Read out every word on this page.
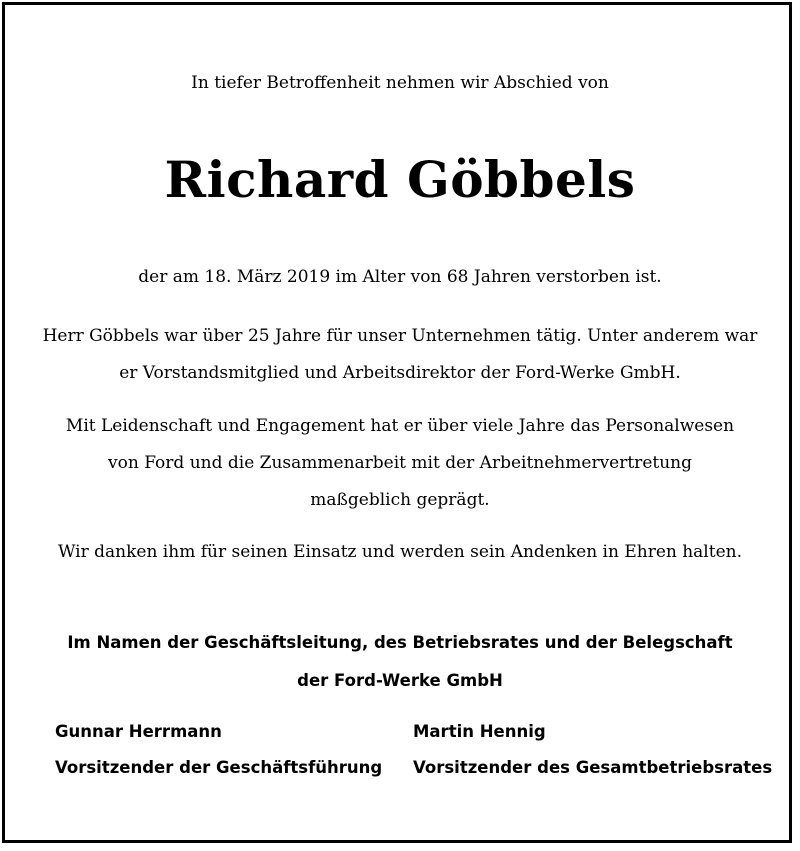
In tiefer Betroffenheit nehmen wir Abschied von
Richard Göbbels
der am 18. März 2019 im Alter von 68 Jahren verstorben ist.
Herr Göbbels war über 25 Jahre für unser Unternehmen tätig. Unter anderem war
er Vorstandsmitglied und Arbeitsdirektor der Ford-Werke GmbH.
Mit Leidenschaft und Engagement hat er über viele Jahre das Personalwesen
von Ford und die Zusammenarbeit mit der Arbeitnehmervertretung
maßgeblich geprägt.
Wir danken ihm für seinen Einsatz und werden sein Andenken in Ehren halten.
Im Namen der Geschäftsleitung, des Betriebsrates und der Belegschaft
der Ford-Werke GmbH
Gunnar Herrmann
Vorsitzender der Geschäftsführung
Martin Hennig
Vorsitzender des Gesamtbetriebsrates
